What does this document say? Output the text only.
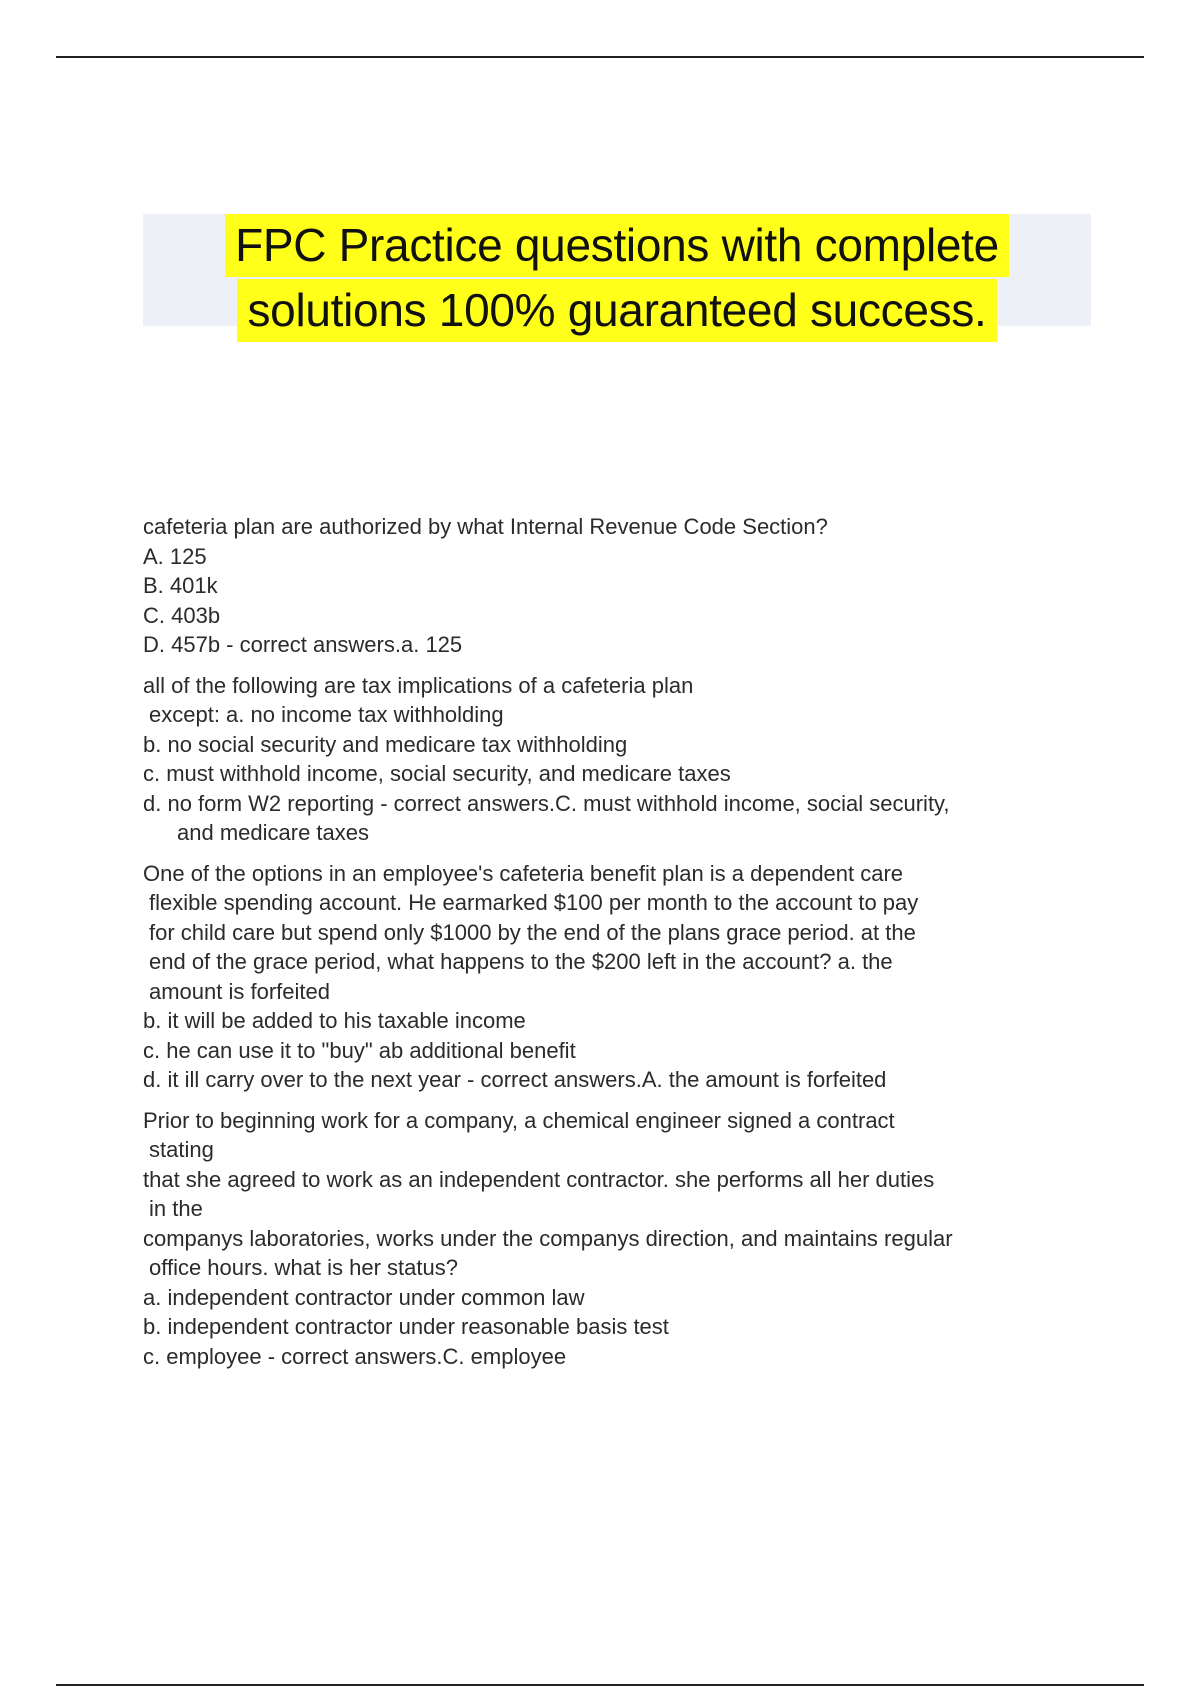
FPC Practice questions with complete
solutions 100% guaranteed success.
cafeteria plan are authorized by what Internal Revenue Code Section?
A. 125
B. 401k
C. 403b
D. 457b - correct answers.a. 125
all of the following are tax implications of a cafeteria plan
except: a. no income tax withholding
b. no social security and medicare tax withholding
c. must withhold income, social security, and medicare taxes
d. no form W2 reporting - correct answers.C. must withhold income, social security,
and medicare taxes
One of the options in an employee's cafeteria benefit plan is a dependent care
flexible spending account. He earmarked $100 per month to the account to pay
for child care but spend only $1000 by the end of the plans grace period. at the
end of the grace period, what happens to the $200 left in the account? a. the
amount is forfeited
b. it will be added to his taxable income
c. he can use it to "buy" ab additional benefit
d. it ill carry over to the next year - correct answers.A. the amount is forfeited
Prior to beginning work for a company, a chemical engineer signed a contract
stating
that she agreed to work as an independent contractor. she performs all her duties
in the
companys laboratories, works under the companys direction, and maintains regular
office hours. what is her status?
a. independent contractor under common law
b. independent contractor under reasonable basis test
c. employee - correct answers.C. employee
